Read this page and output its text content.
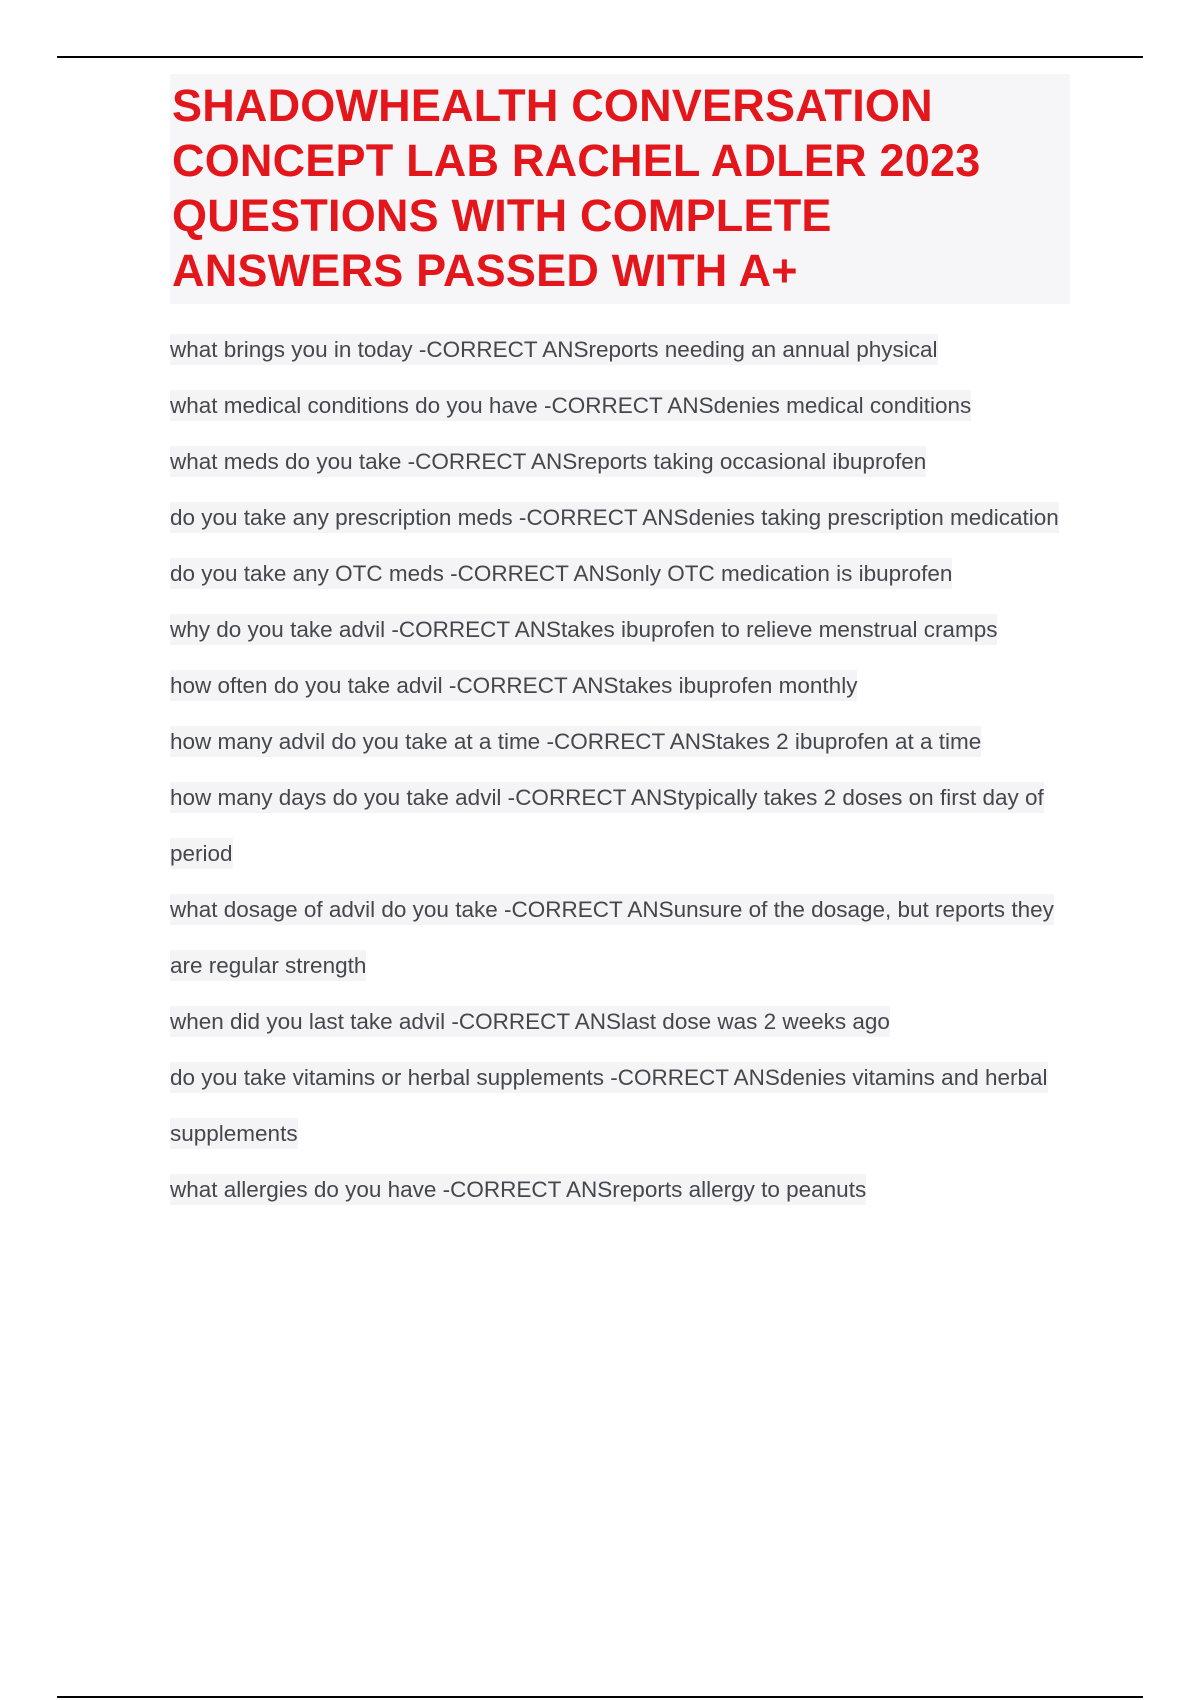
SHADOWHEALTH CONVERSATION CONCEPT LAB RACHEL ADLER 2023 QUESTIONS WITH COMPLETE ANSWERS PASSED WITH A+

what brings you in today -CORRECT ANSreports needing an annual physical

what medical conditions do you have -CORRECT ANSdenies medical conditions

what meds do you take -CORRECT ANSreports taking occasional ibuprofen

do you take any prescription meds -CORRECT ANSdenies taking prescription medication

do you take any OTC meds -CORRECT ANSonly OTC medication is ibuprofen

why do you take advil -CORRECT ANStakes ibuprofen to relieve menstrual cramps

how often do you take advil -CORRECT ANStakes ibuprofen monthly

how many advil do you take at a time -CORRECT ANStakes 2 ibuprofen at a time

how many days do you take advil -CORRECT ANStypically takes 2 doses on first day of period

what dosage of advil do you take -CORRECT ANSunsure of the dosage, but reports they are regular strength

when did you last take advil -CORRECT ANSlast dose was 2 weeks ago

do you take vitamins or herbal supplements -CORRECT ANSdenies vitamins and herbal supplements

what allergies do you have -CORRECT ANSreports allergy to peanuts
